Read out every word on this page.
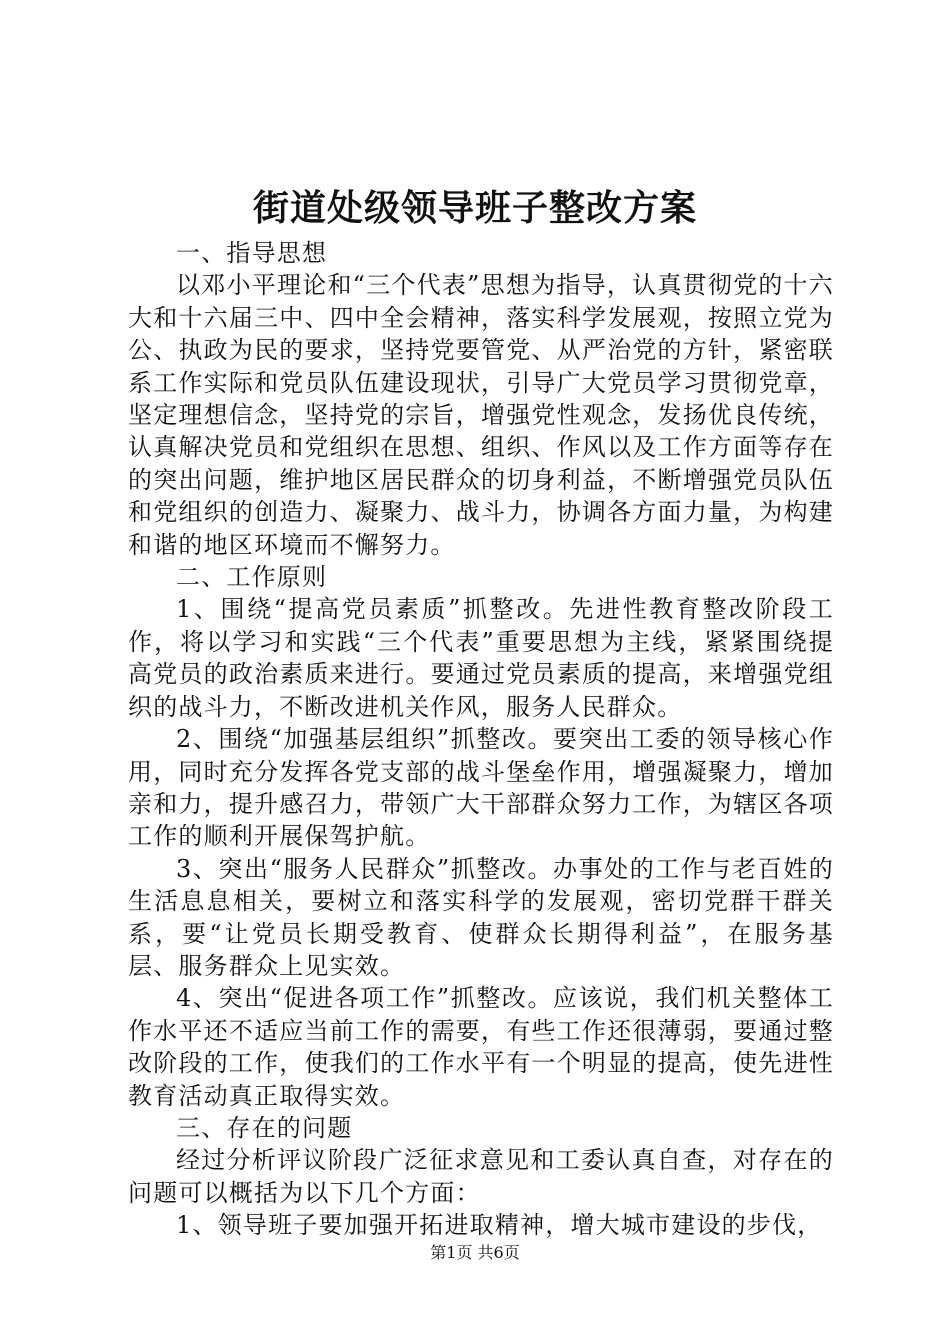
街道处级领导班子整改方案

一、指导思想

以邓小平理论和“三个代表”思想为指导，认真贯彻党的十六大和十六届三中、四中全会精神，落实科学发展观，按照立党为公、执政为民的要求，坚持党要管党、从严治党的方针，紧密联系工作实际和党员队伍建设现状，引导广大党员学习贯彻党章，坚定理想信念，坚持党的宗旨，增强党性观念，发扬优良传统，认真解决党员和党组织在思想、组织、作风以及工作方面等存在的突出问题，维护地区居民群众的切身利益，不断增强党员队伍和党组织的创造力、凝聚力、战斗力，协调各方面力量，为构建和谐的地区环境而不懈努力。

二、工作原则

1、围绕“提高党员素质”抓整改。先进性教育整改阶段工作，将以学习和实践“三个代表”重要思想为主线，紧紧围绕提高党员的政治素质来进行。要通过党员素质的提高，来增强党组织的战斗力，不断改进机关作风，服务人民群众。

2、围绕“加强基层组织”抓整改。要突出工委的领导核心作用，同时充分发挥各党支部的战斗堡垒作用，增强凝聚力，增加亲和力，提升感召力，带领广大干部群众努力工作，为辖区各项工作的顺利开展保驾护航。

3、突出“服务人民群众”抓整改。办事处的工作与老百姓的生活息息相关，要树立和落实科学的发展观，密切党群干群关系，要“让党员长期受教育、使群众长期得利益”，在服务基层、服务群众上见实效。

4、突出“促进各项工作”抓整改。应该说，我们机关整体工作水平还不适应当前工作的需要，有些工作还很薄弱，要通过整改阶段的工作，使我们的工作水平有一个明显的提高，使先进性教育活动真正取得实效。

三、存在的问题

经过分析评议阶段广泛征求意见和工委认真自查，对存在的问题可以概括为以下几个方面：

1、领导班子要加强开拓进取精神，增大城市建设的步伐，

第1页 共6页
